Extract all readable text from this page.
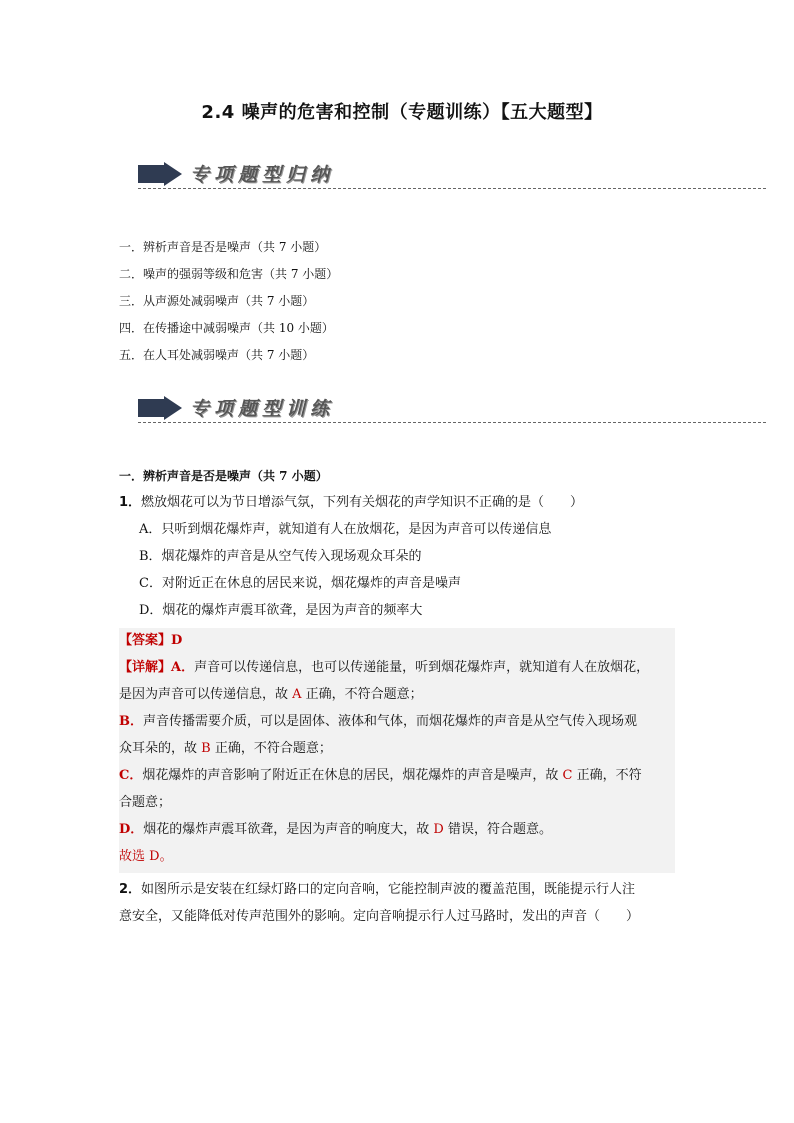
2.4 噪声的危害和控制（专题训练）【五大题型】
专项题型归纳
一．辨析声音是否是噪声（共 7 小题）
二．噪声的强弱等级和危害（共 7 小题）
三．从声源处减弱噪声（共 7 小题）
四．在传播途中减弱噪声（共 10 小题）
五．在人耳处减弱噪声（共 7 小题）
专项题型训练
一．辨析声音是否是噪声（共 7 小题）
1．燃放烟花可以为节日增添气氛，下列有关烟花的声学知识不正确的是（　　）
A．只听到烟花爆炸声，就知道有人在放烟花，是因为声音可以传递信息
B．烟花爆炸的声音是从空气传入现场观众耳朵的
C．对附近正在休息的居民来说，烟花爆炸的声音是噪声
D．烟花的爆炸声震耳欲聋，是因为声音的频率大
【答案】D
【详解】A．声音可以传递信息，也可以传递能量，听到烟花爆炸声，就知道有人在放烟花，
是因为声音可以传递信息，故 A 正确，不符合题意；
B．声音传播需要介质，可以是固体、液体和气体，而烟花爆炸的声音是从空气传入现场观
众耳朵的，故 B 正确，不符合题意；
C．烟花爆炸的声音影响了附近正在休息的居民，烟花爆炸的声音是噪声，故 C 正确，不符
合题意；
D．烟花的爆炸声震耳欲聋，是因为声音的响度大，故 D 错误，符合题意。
故选 D。
2．如图所示是安装在红绿灯路口的定向音响，它能控制声波的覆盖范围，既能提示行人注
意安全，又能降低对传声范围外的影响。定向音响提示行人过马路时，发出的声音（　　）
